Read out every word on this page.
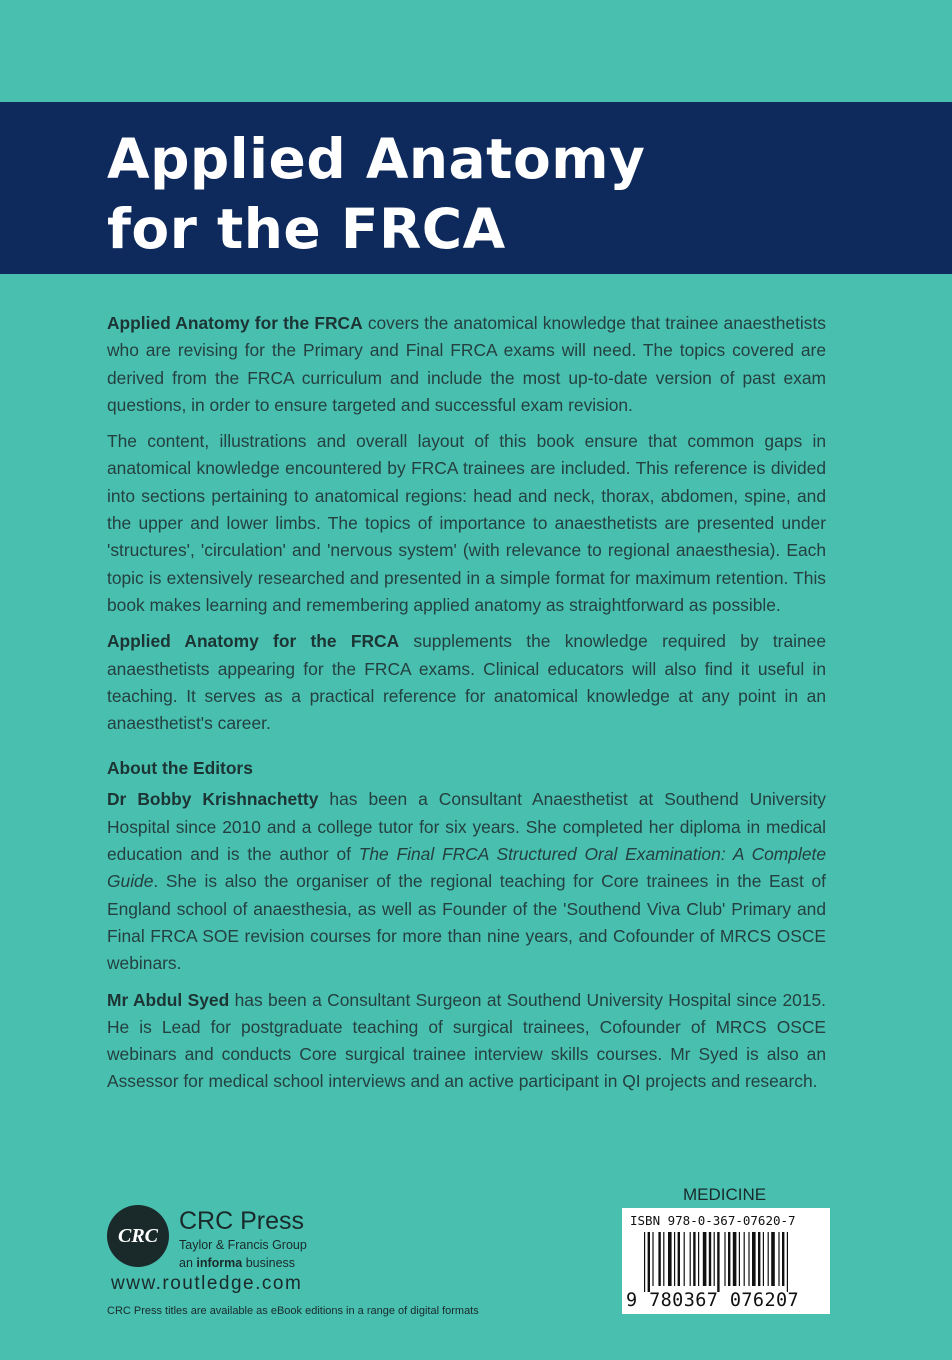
Applied Anatomy
for the FRCA

Applied Anatomy for the FRCA covers the anatomical knowledge that trainee anaesthetists who are revising for the Primary and Final FRCA exams will need. The topics covered are derived from the FRCA curriculum and include the most up-to-date version of past exam questions, in order to ensure targeted and successful exam revision.

The content, illustrations and overall layout of this book ensure that common gaps in anatomical knowledge encountered by FRCA trainees are included. This reference is divided into sections pertaining to anatomical regions: head and neck, thorax, abdomen, spine, and the upper and lower limbs. The topics of importance to anaesthetists are presented under 'structures', 'circulation' and 'nervous system' (with relevance to regional anaesthesia). Each topic is extensively researched and presented in a simple format for maximum retention. This book makes learning and remembering applied anatomy as straightforward as possible.

Applied Anatomy for the FRCA supplements the knowledge required by trainee anaesthetists appearing for the FRCA exams. Clinical educators will also find it useful in teaching. It serves as a practical reference for anatomical knowledge at any point in an anaesthetist's career.

About the Editors

Dr Bobby Krishnachetty has been a Consultant Anaesthetist at Southend University Hospital since 2010 and a college tutor for six years. She completed her diploma in medical education and is the author of The Final FRCA Structured Oral Examination: A Complete Guide. She is also the organiser of the regional teaching for Core trainees in the East of England school of anaesthesia, as well as Founder of the 'Southend Viva Club' Primary and Final FRCA SOE revision courses for more than nine years, and Cofounder of MRCS OSCE webinars.

Mr Abdul Syed has been a Consultant Surgeon at Southend University Hospital since 2015. He is Lead for postgraduate teaching of surgical trainees, Cofounder of MRCS OSCE webinars and conducts Core surgical trainee interview skills courses. Mr Syed is also an Assessor for medical school interviews and an active participant in QI projects and research.

CRC
CRC Press
Taylor & Francis Group
an informa business
www.routledge.com
CRC Press titles are available as eBook editions in a range of digital formats
MEDICINE
ISBN 978-0-367-07620-7
9 780367 076207
